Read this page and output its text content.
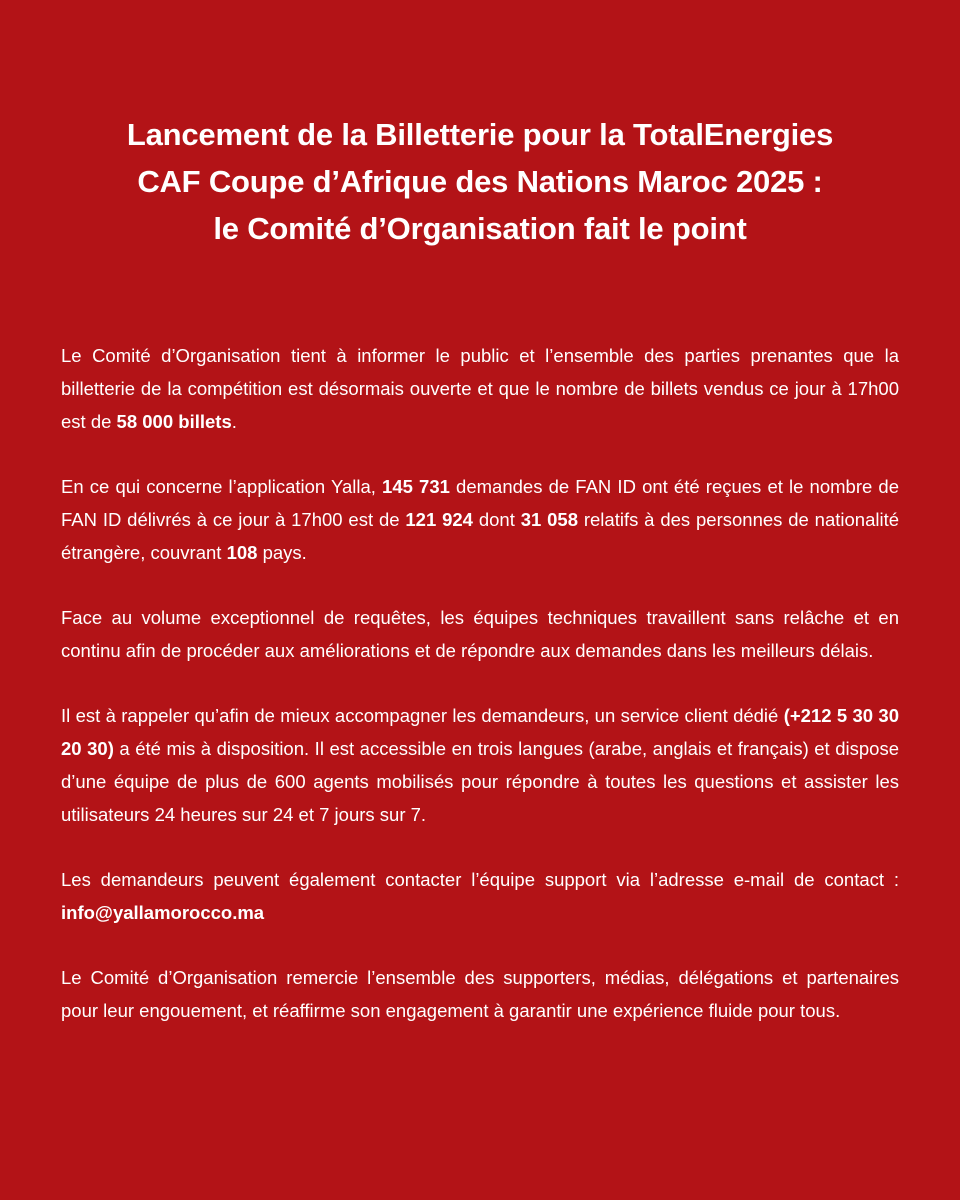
Lancement de la Billetterie pour la TotalEnergies
CAF Coupe d’Afrique des Nations Maroc 2025 :
le Comité d’Organisation fait le point

Le Comité d’Organisation tient à informer le public et l’ensemble des parties prenantes que la billetterie de la compétition est désormais ouverte et que le nombre de billets vendus ce jour à 17h00 est de 58 000 billets.

En ce qui concerne l’application Yalla, 145 731 demandes de FAN ID ont été reçues et le nombre de FAN ID délivrés à ce jour à 17h00 est de 121 924 dont 31 058 relatifs à des personnes de nationalité étrangère, couvrant 108 pays.

Face au volume exceptionnel de requêtes, les équipes techniques travaillent sans relâche et en continu afin de procéder aux améliorations et de répondre aux demandes dans les meilleurs délais.

Il est à rappeler qu’afin de mieux accompagner les demandeurs, un service client dédié (+212 5 30 30 20 30) a été mis à disposition. Il est accessible en trois langues (arabe, anglais et français) et dispose d’une équipe de plus de 600 agents mobilisés pour répondre à toutes les questions et assister les utilisateurs 24 heures sur 24 et 7 jours sur 7.

Les demandeurs peuvent également contacter l’équipe support via l’adresse e-mail de contact : info@yallamorocco.ma

Le Comité d’Organisation remercie l’ensemble des supporters, médias, délégations et partenaires pour leur engouement, et réaffirme son engagement à garantir une expérience fluide pour tous.
